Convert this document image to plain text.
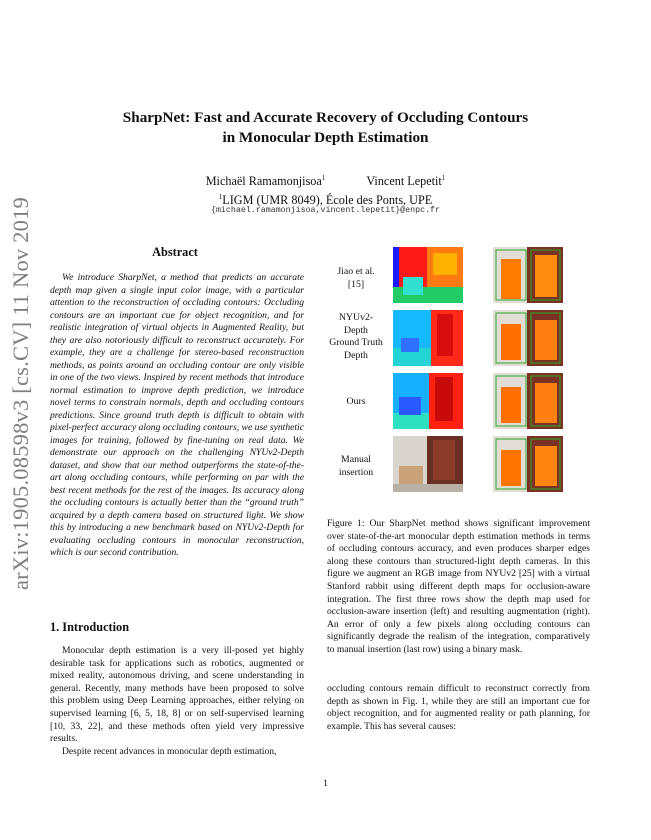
arXiv:1905.08598v3 [cs.CV] 11 Nov 2019
SharpNet: Fast and Accurate Recovery of Occluding Contours
in Monocular Depth Estimation
Michaël Ramamonjisoa$^1$	Vincent Lepetit$^1$
$^1$LIGM (UMR 8049), École des Ponts, UPE
{michael.ramamonjisoa,vincent.lepetit}@enpc.fr
Abstract

We introduce SharpNet, a method that predicts an accurate depth map given a single input color image, with a particular attention to the reconstruction of occluding contours: Occluding contours are an important cue for object recognition, and for realistic integration of virtual objects in Augmented Reality, but they are also notoriously difficult to reconstruct accurately. For example, they are a challenge for stereo-based reconstruction methods, as points around an occluding contour are only visible in one of the two views. Inspired by recent methods that introduce normal estimation to improve depth prediction, we introduce novel terms to constrain normals, depth and occluding contours predictions. Since ground truth depth is difficult to obtain with pixel-perfect accuracy along occluding contours, we use synthetic images for training, followed by fine-tuning on real data. We demonstrate our approach on the challenging NYUv2-Depth dataset, and show that our method outperforms the state-of-the-art along occluding contours, while performing on par with the best recent methods for the rest of the images. Its accuracy along the occluding contours is actually better than the “ground truth” acquired by a depth camera based on structured light. We show this by introducing a new benchmark based on NYUv2-Depth for evaluating occluding contours in monocular reconstruction, which is our second contribution.

1. Introduction

Monocular depth estimation is a very ill-posed yet highly desirable task for applications such as robotics, augmented or mixed reality, autonomous driving, and scene understanding in general. Recently, many methods have been proposed to solve this problem using Deep Learning approaches, either relying on supervised learning [6, 5, 18, 8] or on self-supervised learning [10, 33, 22], and these methods often yield very impressive results.

Despite recent advances in monocular depth estimation,

Jiao et al. [15]
NYUv2-Depth Ground Truth Depth
Ours
Manual insertion
Figure 1: Our SharpNet method shows significant improvement over state-of-the-art monocular depth estimation methods in terms of occluding contours accuracy, and even produces sharper edges along these contours than structured-light depth cameras. In this figure we augment an RGB image from NYUv2 [25] with a virtual Stanford rabbit using different depth maps for occlusion-aware integration. The first three rows show the depth map used for occlusion-aware insertion (left) and resulting augmentation (right). An error of only a few pixels along occluding contours can significantly degrade the realism of the integration, comparatively to manual insertion (last row) using a binary mask.
occluding contours remain difficult to reconstruct correctly from depth as shown in Fig. 1, while they are still an important cue for object recognition, and for augmented reality or path planning, for example. This has several causes:
1
